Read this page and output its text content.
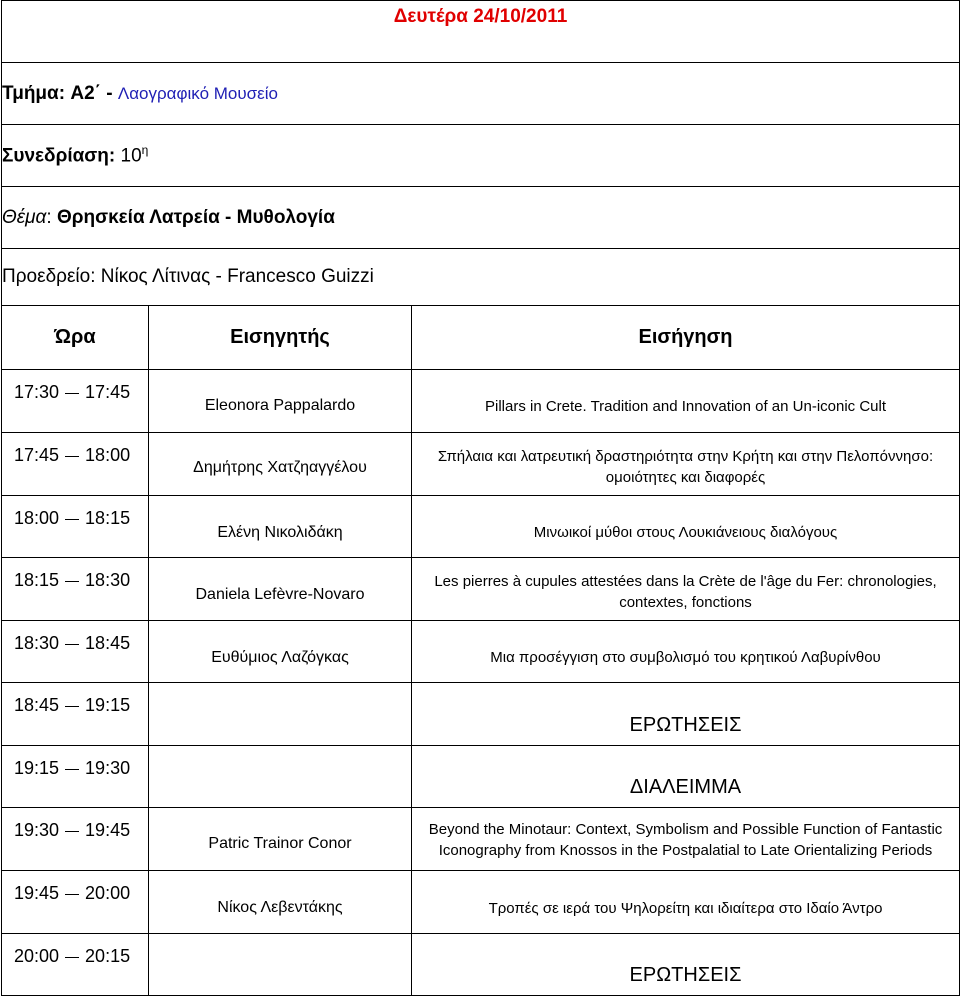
Δευτέρα 24/10/2011		
Τμήμα: Α2΄ - Λαογραφικό Μουσείο		
Συνεδρίαση: $10^\eta$
Θέμα: Θρησκεία Λατρεία - Μυθολογία		
Προεδρείο: Νίκος Λίτινας - Francesco Guizzi		
Ώρα	Εισηγητής	Εισήγηση
17:30 17:45	Eleonora Pappalardo	Pillars in Crete. Tradition and Innovation of an Un-iconic Cult
17:45 18:00	Δημήτρης Χατζηαγγέλου	Σπήλαια και λατρευτική δραστηριότητα στην Κρήτη και στην Πελοπόννησο: ομοιότητες και διαφορές
18:00 18:15	Ελένη Νικολιδάκη	Μινωικοί μύθοι στους Λουκιάνειους διαλόγους
18:15 18:30	Daniela Lefèvre-Novaro	Les pierres à cupules attestées dans la Crète de l'âge du Fer: chronologies, contextes, fonctions
18:30 18:45	Ευθύμιος Λαζόγκας	Μια προσέγγιση στο συμβολισμό του κρητικού Λαβυρίνθου
18:45 19:15		ΕΡΩΤΗΣΕΙΣ
19:15 19:30		ΔΙΑΛΕΙΜΜΑ
19:30 19:45	Patric Trainor Conor	Beyond the Minotaur: Context, Symbolism and Possible Function of Fantastic Iconography from Knossos in the Postpalatial to Late Orientalizing Periods
19:45 20:00	Νίκος Λεβεντάκης	Τροπές σε ιερά του Ψηλορείτη και ιδιαίτερα στο Ιδαίο Άντρο
20:00 20:15		ΕΡΩΤΗΣΕΙΣ
